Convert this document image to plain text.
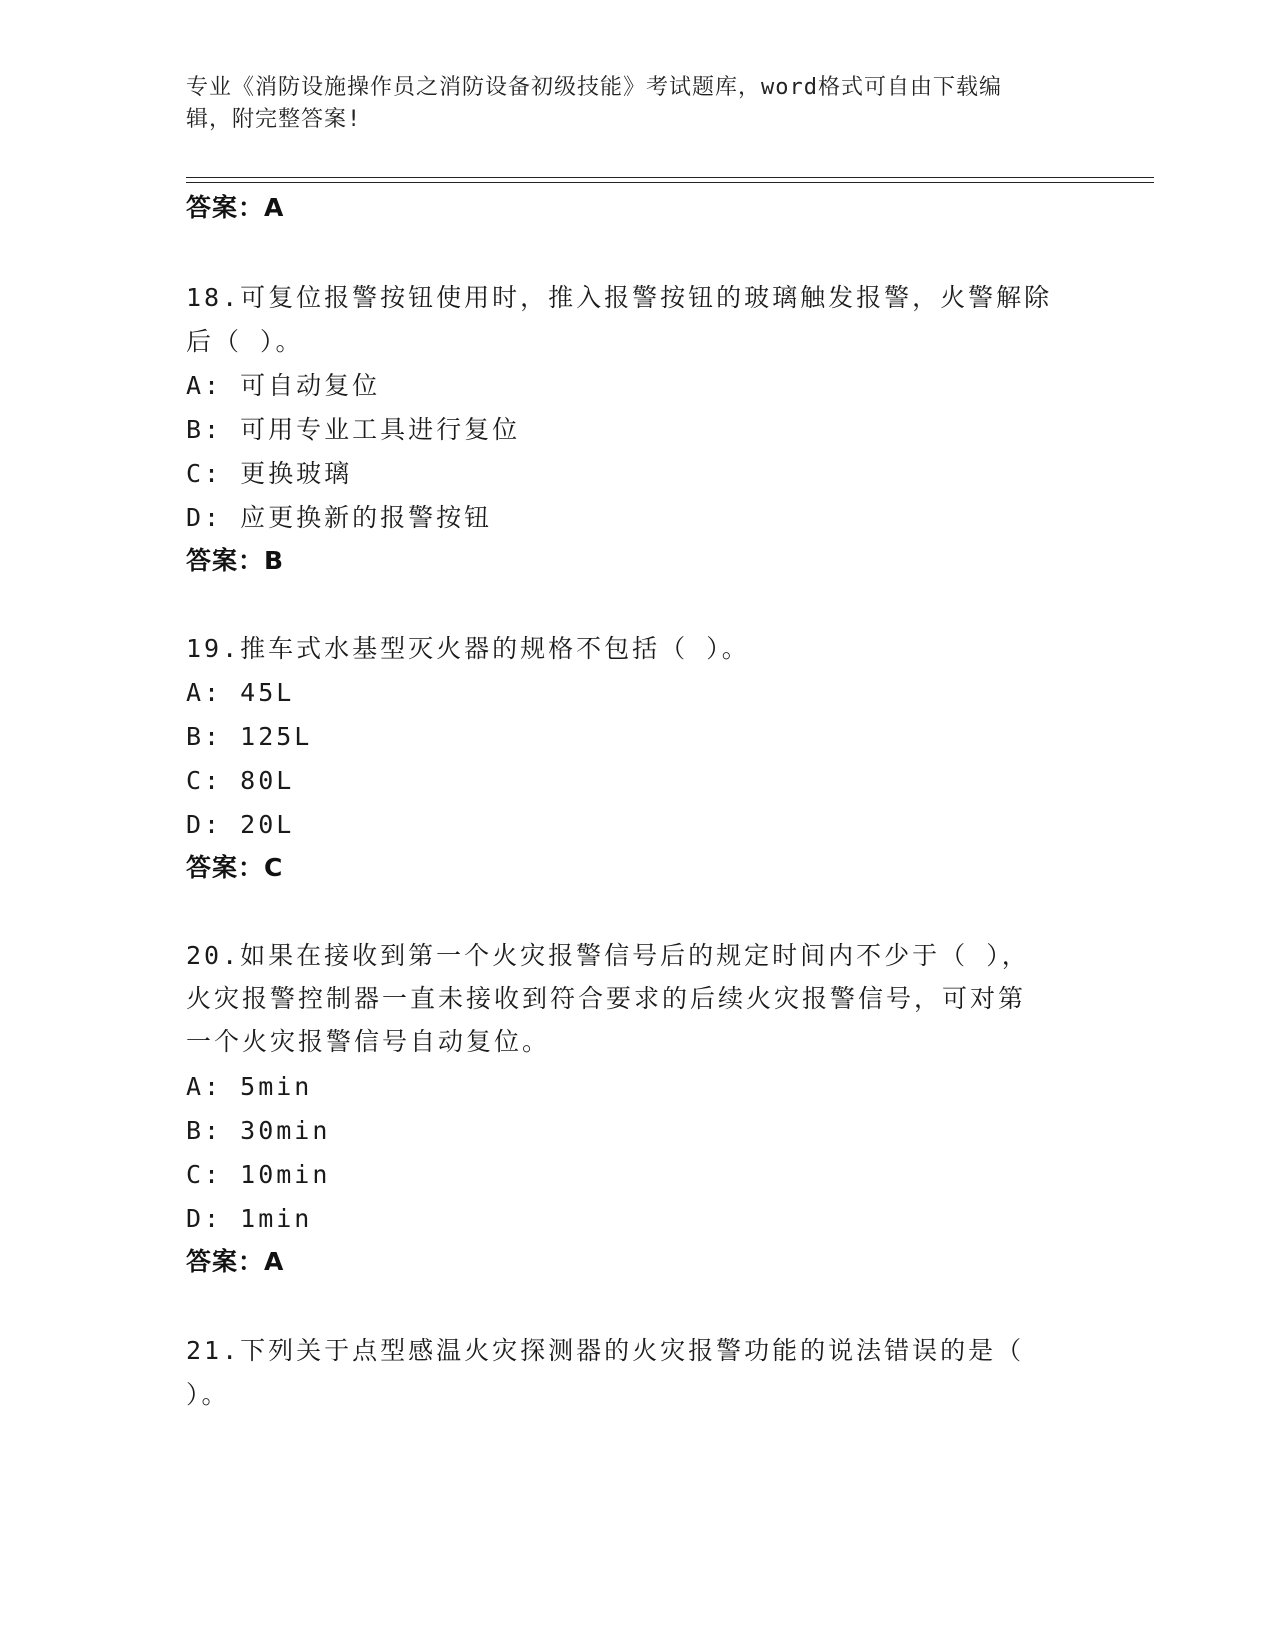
专业《消防设施操作员之消防设备初级技能》考试题库，word格式可自由下载编
辑，附完整答案!
答案：A
18.可复位报警按钮使用时，推入报警按钮的玻璃触发报警，火警解除
后（ ）。
A: 可自动复位
B: 可用专业工具进行复位
C: 更换玻璃
D: 应更换新的报警按钮
答案：B
19.推车式水基型灭火器的规格不包括（ ）。
A: 45L
B: 125L
C: 80L
D: 20L
答案：C
20.如果在接收到第一个火灾报警信号后的规定时间内不少于（ ），
火灾报警控制器一直未接收到符合要求的后续火灾报警信号，可对第
一个火灾报警信号自动复位。
A: 5min
B: 30min
C: 10min
D: 1min
答案：A
21.下列关于点型感温火灾探测器的火灾报警功能的说法错误的是（
）。
